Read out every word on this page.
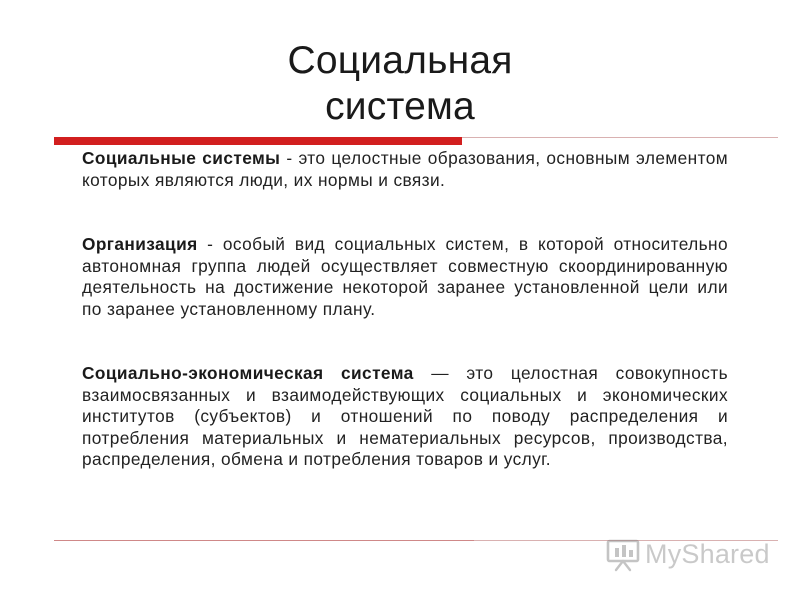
Социальная
система

Социальные системы - это целостные образования, основным элементом которых являются люди, их нормы и связи.

Организация - особый вид социальных систем, в которой относительно автономная группа людей осуществляет совместную скоординированную деятельность на достижение некоторой заранее установленной цели или по заранее установленному плану.

Социально-экономическая система — это целостная совокупность взаимосвязанных и взаимодействующих социальных и экономических институтов (субъектов) и отношений по поводу распределения и потребления материальных и нематериальных ресурсов, производства, распределения, обмена и потребления товаров и услуг.

MyShared
